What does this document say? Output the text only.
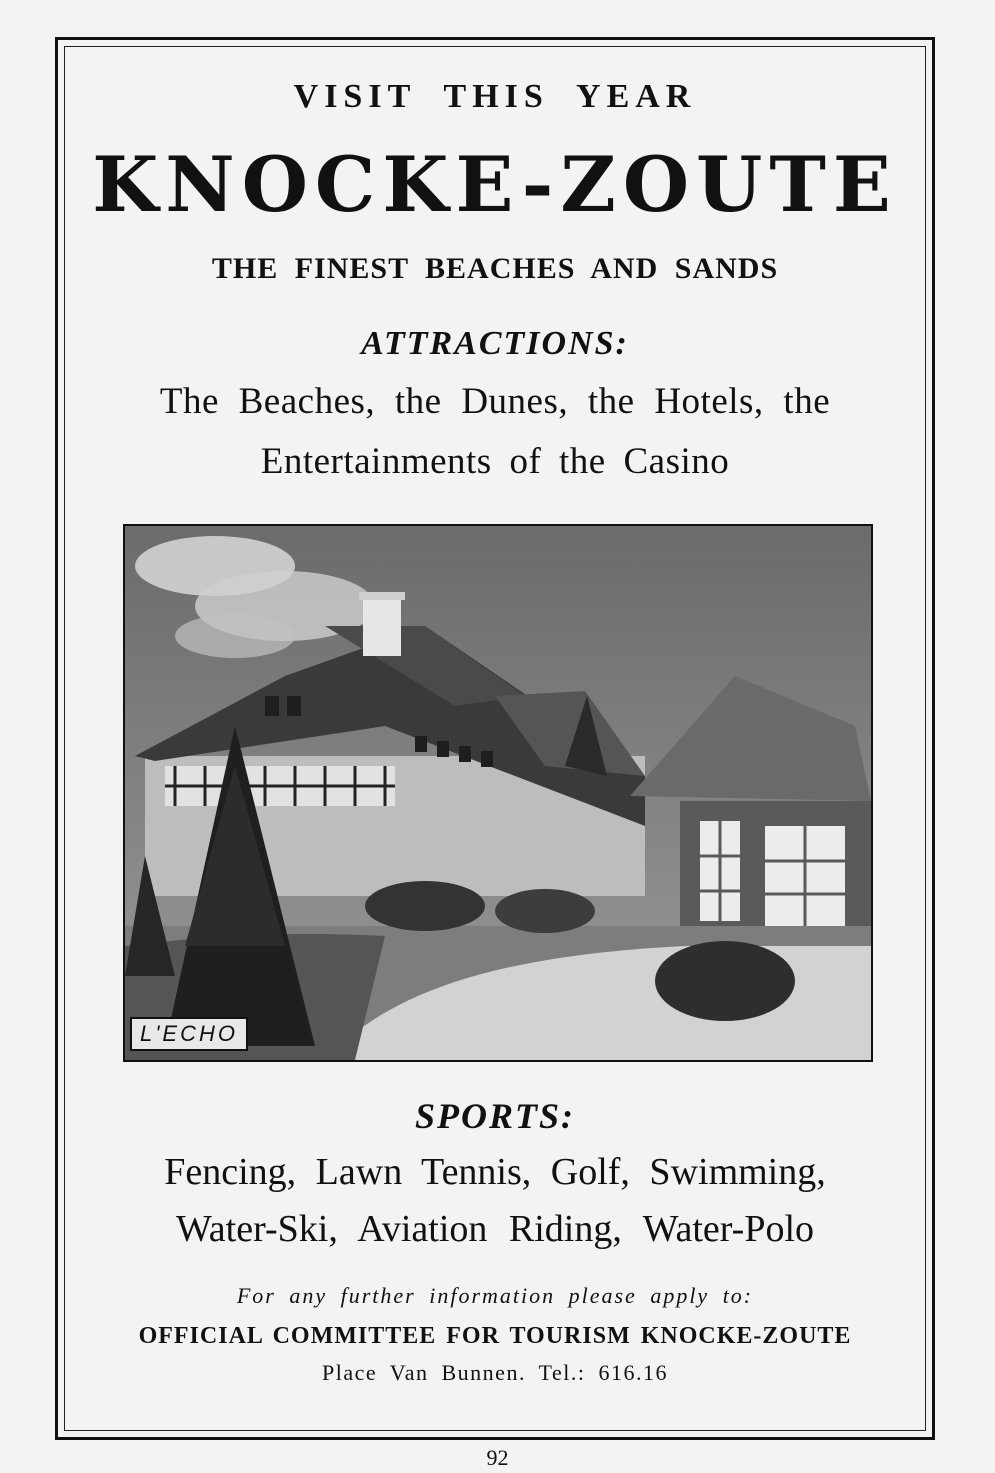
VISIT THIS YEAR
KNOCKE-ZOUTE
THE FINEST BEACHES AND SANDS
ATTRACTIONS:
The Beaches, the Dunes, the Hotels, the
Entertainments of the Casino
L'ECHO
SPORTS:
Fencing, Lawn Tennis, Golf, Swimming,
Water-Ski, Aviation Riding, Water-Polo
For any further information please apply to:
OFFICIAL COMMITTEE FOR TOURISM KNOCKE-ZOUTE
Place Van Bunnen. Tel.: 616.16
92
